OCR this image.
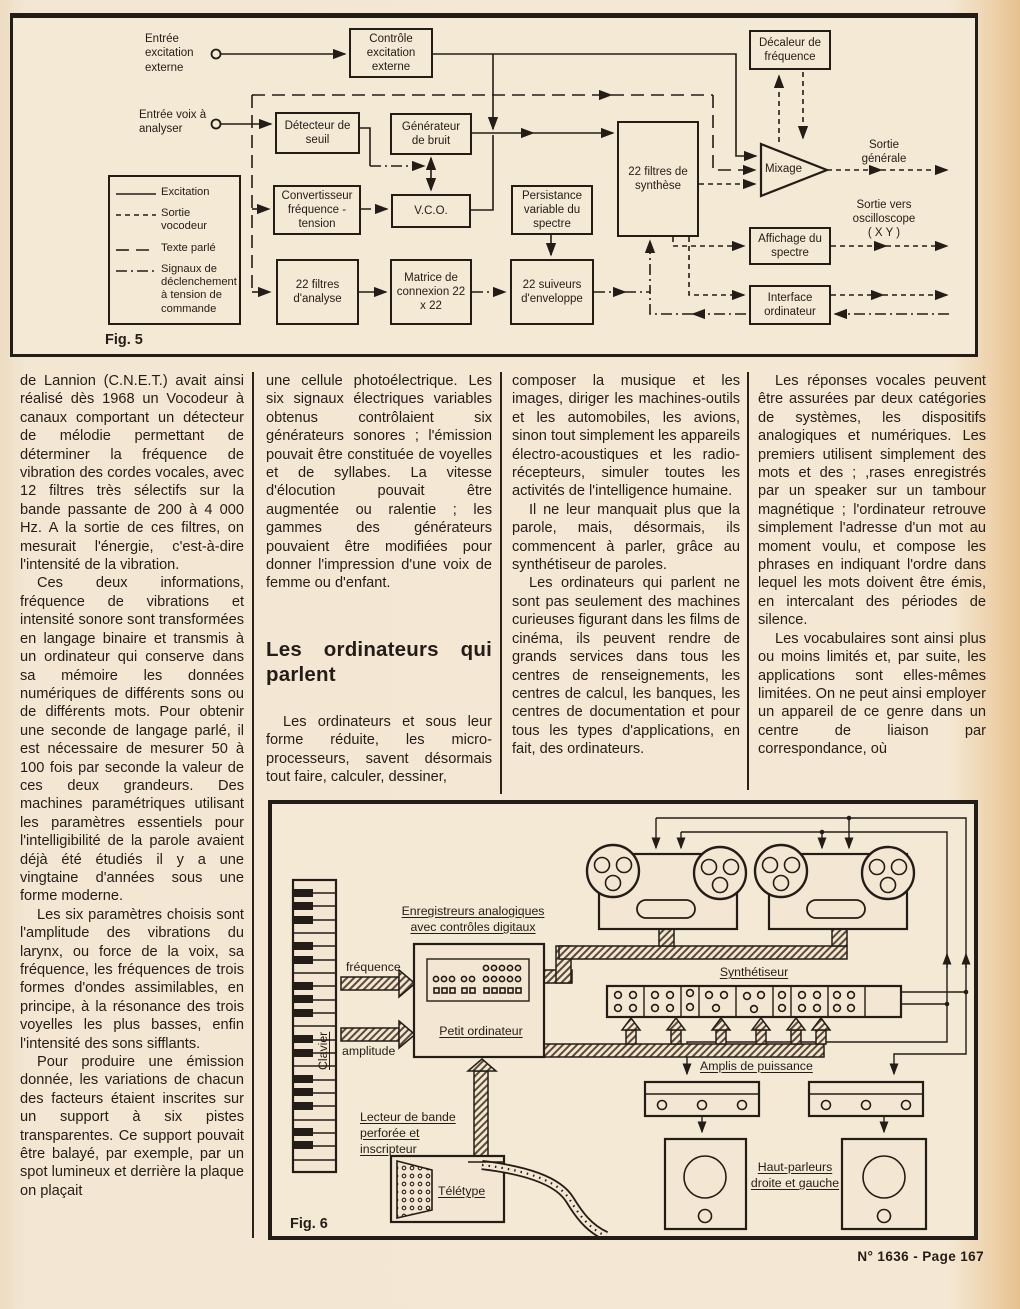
Contrôle excitation externe
Détecteur de seuil
Générateur de bruit
Convertisseur fréquence - tension
V.C.O.
Persistance variable du spectre
22 filtres d'analyse
Matrice de connexion 22 x 22
22 suiveurs d'enveloppe
22 filtres de synthèse
Décaleur de fréquence
Affichage du spectre
Interface ordinateur
Entrée excitation externe
Entrée voix à analyser
Mixage
Sortie générale
Sortie vers oscilloscope
( X Y )
Excitation
Sortie vocodeur
Texte parlé
Signaux de déclenchement à tension de commande
Fig. 5

de Lannion (C.N.E.T.) avait ainsi réalisé dès 1968 un Vocodeur à canaux comportant un détecteur de mélodie permettant de déterminer la fréquence de vibration des cordes vocales, avec 12 filtres très sélectifs sur la bande passante de 200 à 4 000 Hz. A la sortie de ces filtres, on mesurait l'énergie, c'est-à-dire l'intensité de la vibration.

Ces deux informations, fréquence de vibrations et intensité sonore sont transformées en langage binaire et transmis à un ordinateur qui conserve dans sa mémoire les données numériques de différents sons ou de différents mots. Pour obtenir une seconde de langage parlé, il est nécessaire de mesurer 50 à 100 fois par seconde la valeur de ces deux grandeurs. Des machines paramétriques utilisant les paramètres essentiels pour l'intelligibilité de la parole avaient déjà été étudiés il y a une vingtaine d'années sous une forme moderne.

Les six paramètres choisis sont l'amplitude des vibrations du larynx, ou force de la voix, sa fréquence, les fréquences de trois formes d'ondes assimilables, en principe, à la résonance des trois voyelles les plus basses, enfin l'intensité des sons sifflants.

Pour produire une émission donnée, les variations de chacun des facteurs étaient inscrites sur un support à six pistes transparentes. Ce support pouvait être balayé, par exemple, par un spot lumineux et derrière la plaque on plaçait

une cellule photoélectrique. Les six signaux électriques variables obtenus contrôlaient six générateurs sonores ; l'émission pouvait être constituée de voyelles et de syllabes. La vitesse d'élocution pouvait être augmentée ou ralentie ; les gammes des générateurs pouvaient être modifiées pour donner l'impression d'une voix de femme ou d'enfant.

Les ordinateurs qui parlent

Les ordinateurs et sous leur forme réduite, les micro-processeurs, savent désormais tout faire, calculer, dessiner,

composer la musique et les images, diriger les machines-outils et les automobiles, les avions, sinon tout simplement les appareils électro-acoustiques et les radio-récepteurs, simuler toutes les activités de l'intelligence humaine.

Il ne leur manquait plus que la parole, mais, désormais, ils commencent à parler, grâce au synthétiseur de paroles.

Les ordinateurs qui parlent ne sont pas seulement des machines curieuses figurant dans les films de cinéma, ils peuvent rendre de grands services dans tous les centres de renseignements, les centres de calcul, les banques, les centres de documentation et pour tous les types d'applications, en fait, des ordinateurs.

Les réponses vocales peuvent être assurées par deux catégories de systèmes, les dispositifs analogiques et numériques. Les premiers utilisent simplement des mots et des ; ,rases enregistrés par un speaker sur un tambour magnétique ; l'ordinateur retrouve simplement l'adresse d'un mot au moment voulu, et compose les phrases en indiquant l'ordre dans lequel les mots doivent être émis, en intercalant des périodes de silence.

Les vocabulaires sont ainsi plus ou moins limités et, par suite, les applications sont elles-mêmes limitées. On ne peut ainsi employer un appareil de ce genre dans un centre de liaison par correspondance, où

Enregistreurs analogiques avec contrôles digitaux
fréquence
amplitude
Petit ordinateur
Synthétiseur
Amplis de puissance
Haut-parleurs droite et gauche
Lecteur de bande perforée et inscripteur
Télétype
Fig. 6
Clavier
N° 1636 - Page 167
